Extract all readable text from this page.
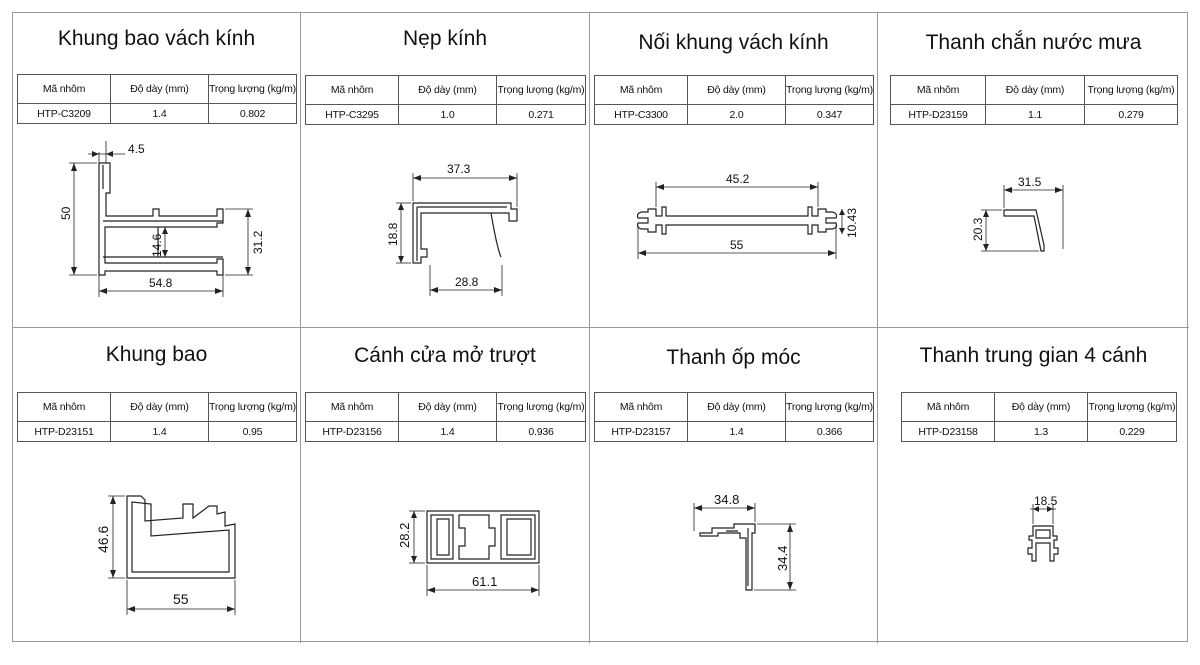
Khung bao vách kính
Mã nhôm	Độ dày (mm)	Trọng lượng (kg/m)
HTP-C3209	1.4	0.802
4.5
50
14.6	31.2
54.8
Nẹp kính
Mã nhôm	Độ dày (mm)	Trọng lượng (kg/m)
HTP-C3295	1.0	0.271
37.3
18.8
28.8
Nối khung vách kính
Mã nhôm	Độ dày (mm)	Trọng lượng (kg/m)
HTP-C3300	2.0	0.347
45.2
10.43
55
Thanh chắn nước mưa
Mã nhôm	Độ dày (mm)	Trọng lượng (kg/m)
HTP-D23159	1.1	0.279
31.5
20.3
Khung bao
Mã nhôm	Độ dày (mm)	Trọng lượng (kg/m)
HTP-D23151	1.4	0.95
46.6
55
Cánh cửa mở trượt
Mã nhôm	Độ dày (mm)	Trọng lượng (kg/m)
HTP-D23156	1.4	0.936
28.2
61.1
Thanh ốp móc
Mã nhôm	Độ dày (mm)	Trọng lượng (kg/m)
HTP-D23157	1.4	0.366
34.8
34.4
Thanh trung gian 4 cánh
Mã nhôm	Độ dày (mm)	Trọng lượng (kg/m)
HTP-D23158	1.3	0.229
18.5
